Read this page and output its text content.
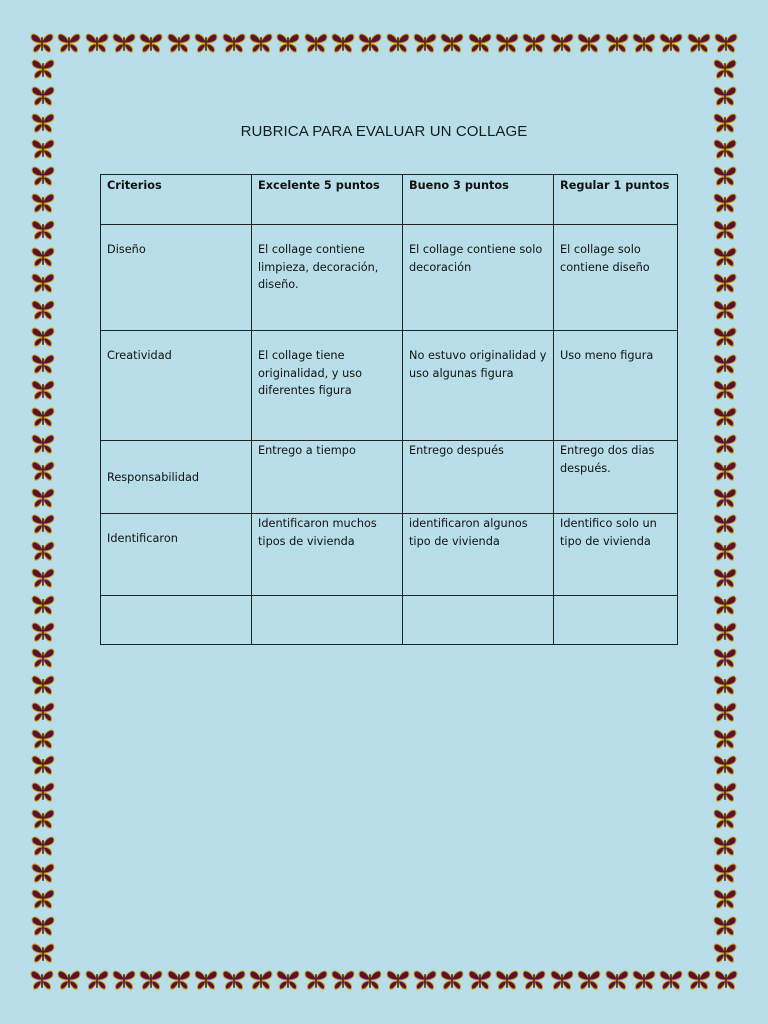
RUBRICA PARA EVALUAR UN COLLAGE
Criterios	Excelente 5 puntos	Bueno 3 puntos	Regular 1 puntos
Diseño	El collage contiene limpieza, decoración, diseño.	El collage contiene solo decoración	El collage solo contiene diseño
Creatividad	El collage tiene originalidad, y uso diferentes figura	No estuvo originalidad y uso algunas figura	Uso meno figura
Responsabilidad	Entrego a tiempo	Entrego después	Entrego dos dias después.
Identificaron	Identificaron muchos tipos de vivienda	identificaron algunos tipo de vivienda	Identifico solo un tipo de vivienda
